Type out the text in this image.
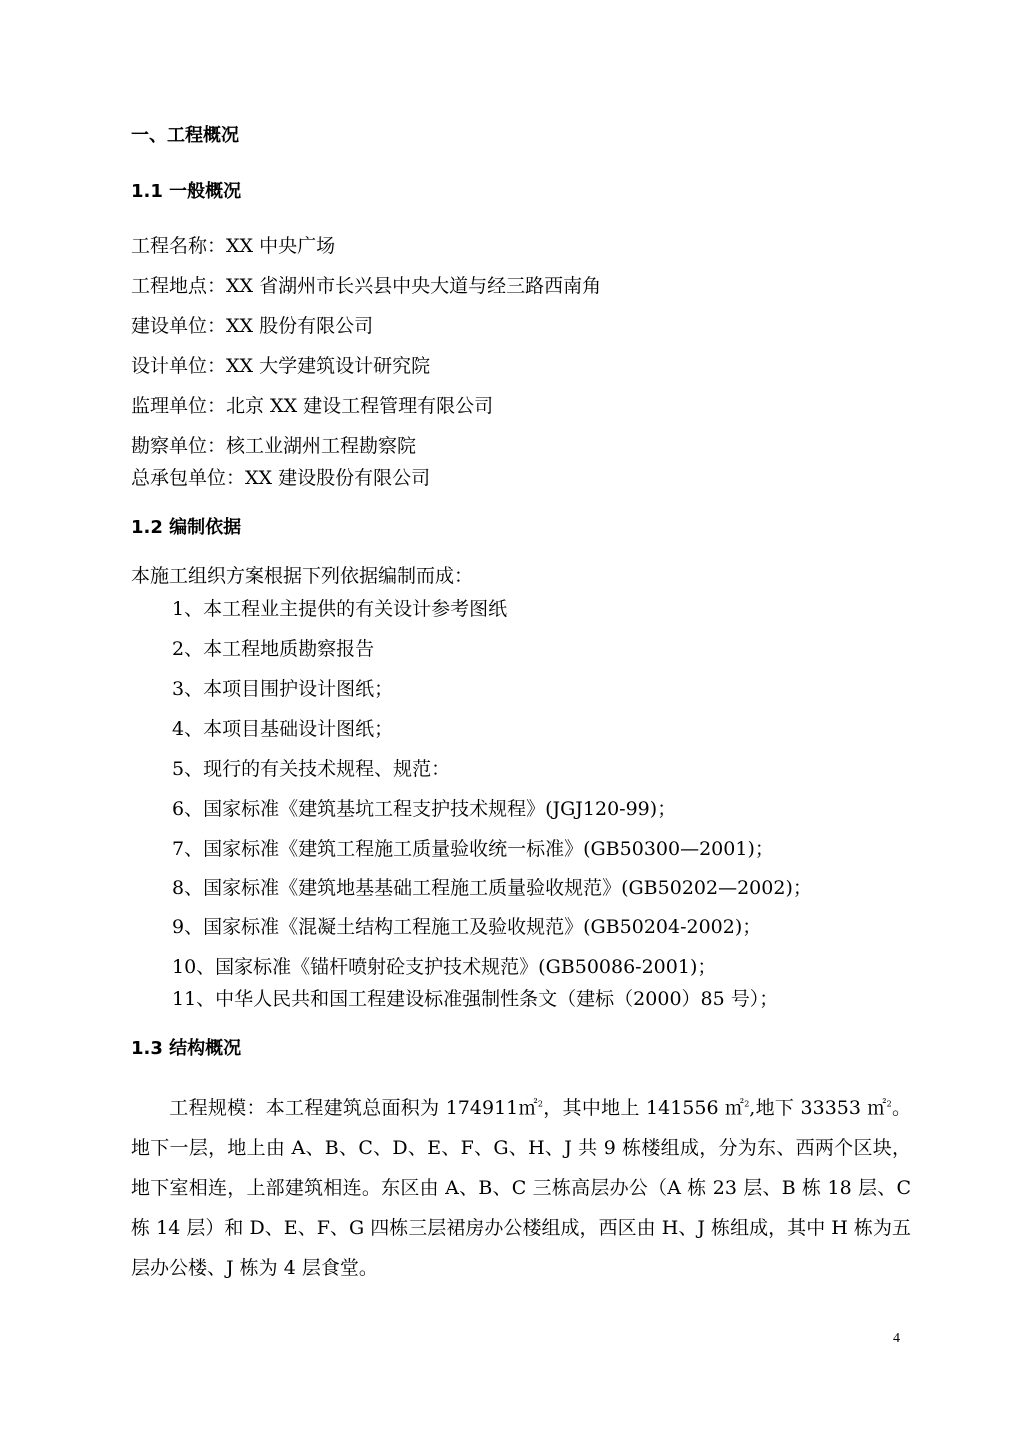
一、工程概况
1.1 一般概况
工程名称：XX 中央广场
工程地点：XX 省湖州市长兴县中央大道与经三路西南角
建设单位：XX 股份有限公司
设计单位：XX 大学建筑设计研究院
监理单位：北京 XX 建设工程管理有限公司
勘察单位：核工业湖州工程勘察院
总承包单位：XX 建设股份有限公司
1.2 编制依据
本施工组织方案根据下列依据编制而成：
1、本工程业主提供的有关设计参考图纸
2、本工程地质勘察报告
3、本项目围护设计图纸；
4、本项目基础设计图纸；
5、现行的有关技术规程、规范：
6、国家标准《建筑基坑工程支护技术规程》(JGJ120-99)；
7、国家标准《建筑工程施工质量验收统一标准》(GB50300—2001)；
8、国家标准《建筑地基基础工程施工质量验收规范》(GB50202—2002)；
9、国家标准《混凝土结构工程施工及验收规范》(GB50204-2002)；
10、国家标准《锚杆喷射砼支护技术规范》(GB50086-2001)；
11、中华人民共和国工程建设标准强制性条文（建标（2000）85 号）；
1.3 结构概况

工程规模：本工程建筑总面积为 174911㎡$^2$，其中地上 141556 ㎡$^2$,地下 33353 ㎡$^2$。地下一层，地上由 A、B、C、D、E、F、G、H、J 共 9 栋楼组成，分为东、西两个区块，地下室相连，上部建筑相连。东区由 A、B、C 三栋高层办公（A 栋 23 层、B 栋 18 层、C 栋 14 层）和 D、E、F、G 四栋三层裙房办公楼组成，西区由 H、J 栋组成，其中 H 栋为五层办公楼、J 栋为 4 层食堂。

4
